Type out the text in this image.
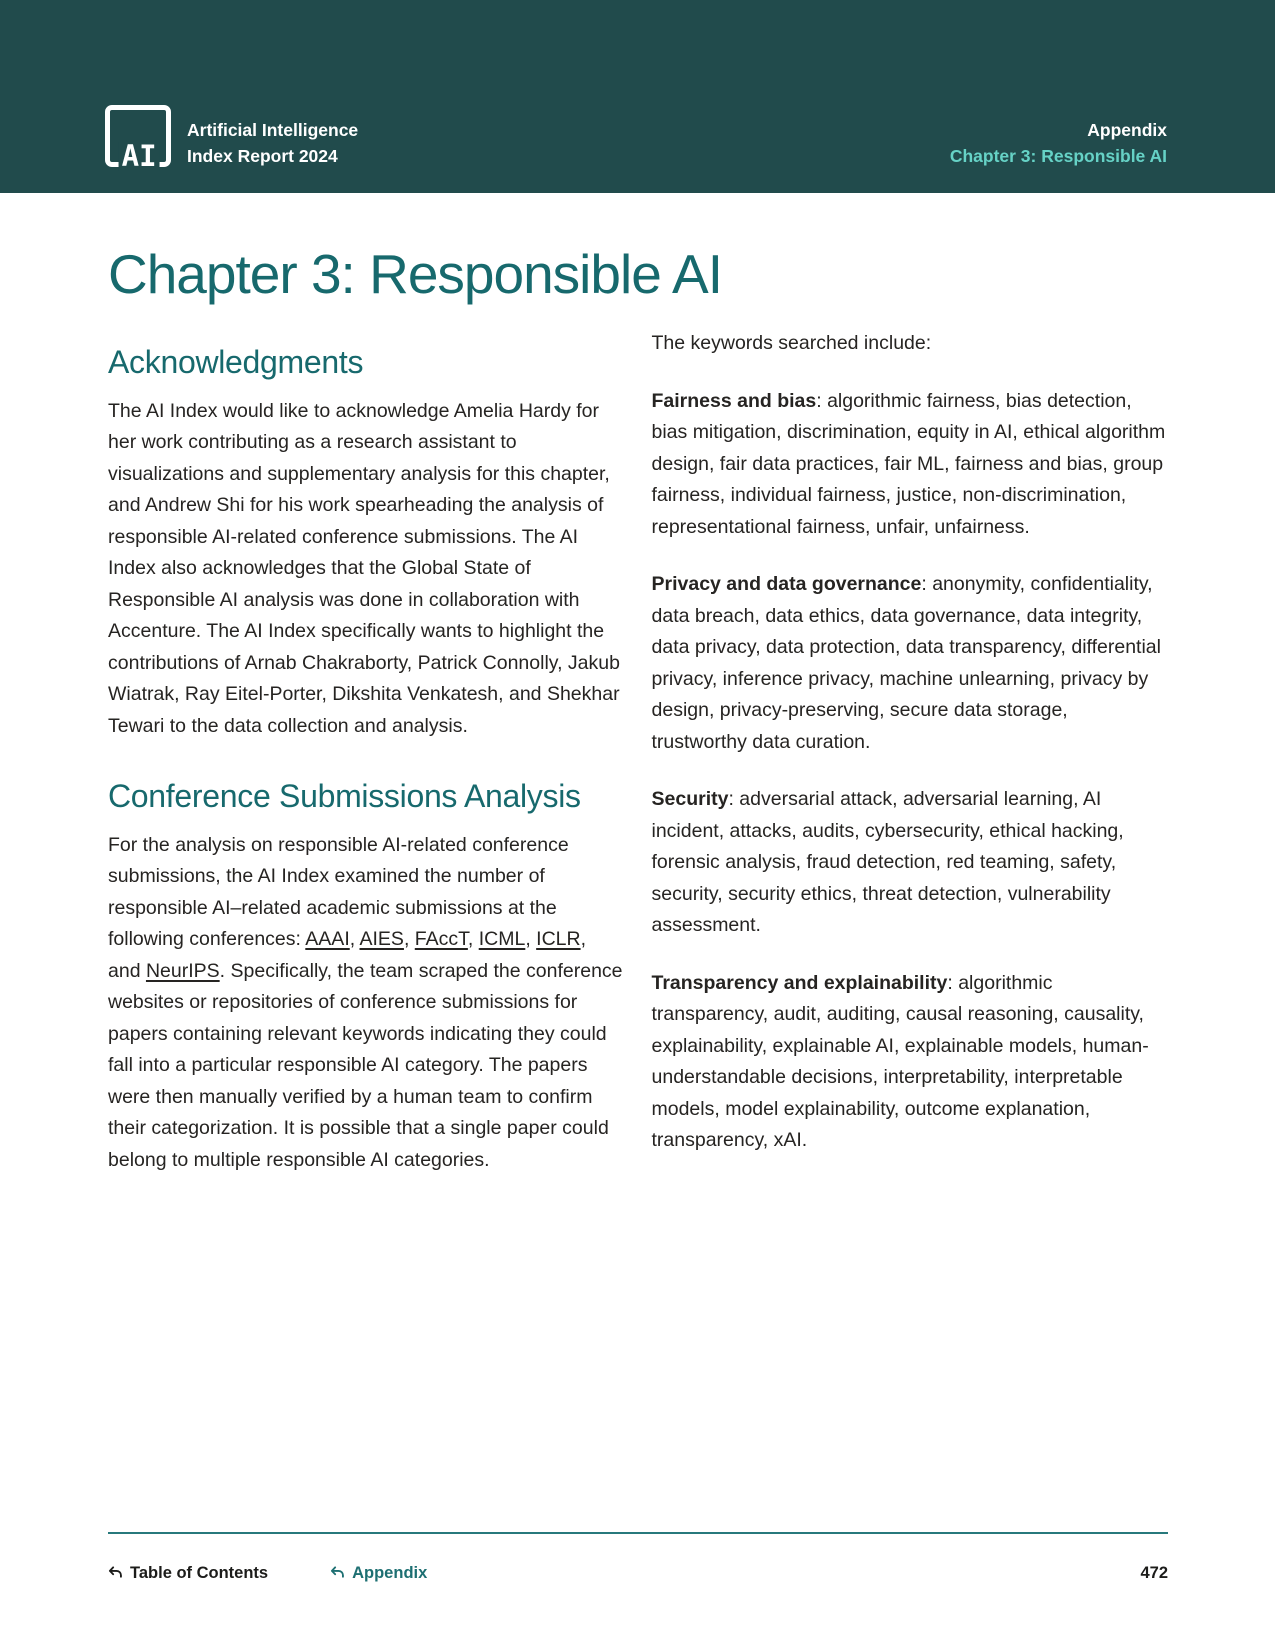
AI
Artificial Intelligence
Index Report 2024
Appendix
Chapter 3: Responsible AI
Chapter 3: Responsible AI
Acknowledgments

The AI Index would like to acknowledge Amelia Hardy for her work contributing as a research assistant to visualizations and supplementary analysis for this chapter, and Andrew Shi for his work spearheading the analysis of responsible AI-related conference submissions. The AI Index also acknowledges that the Global State of Responsible AI analysis was done in collaboration with Accenture. The AI Index specifically wants to highlight the contributions of Arnab Chakraborty, Patrick Connolly, Jakub Wiatrak, Ray Eitel-Porter, Dikshita Venkatesh, and Shekhar Tewari to the data collection and analysis.

Conference Submissions Analysis

For the analysis on responsible AI-related conference submissions, the AI Index examined the number of responsible AI–related academic submissions at the following conferences: AAAI, AIES, FAccT, ICML, ICLR, and NeurIPS. Specifically, the team scraped the conference websites or repositories of conference submissions for papers containing relevant keywords indicating they could fall into a particular responsible AI category. The papers were then manually verified by a human team to confirm their categorization. It is possible that a single paper could belong to multiple responsible AI categories.

The keywords searched include:

Fairness and bias: algorithmic fairness, bias detection, bias mitigation, discrimination, equity in AI, ethical algorithm design, fair data practices, fair ML, fairness and bias, group fairness, individual fairness, justice, non-discrimination, representational fairness, unfair, unfairness.

Privacy and data governance: anonymity, confidentiality, data breach, data ethics, data governance, data integrity, data privacy, data protection, data transparency, differential privacy, inference privacy, machine unlearning, privacy by design, privacy-preserving, secure data storage, trustworthy data curation.

Security: adversarial attack, adversarial learning, AI incident, attacks, audits, cybersecurity, ethical hacking, forensic analysis, fraud detection, red teaming, safety, security, security ethics, threat detection, vulnerability assessment.

Transparency and explainability: algorithmic transparency, audit, auditing, causal reasoning, causality, explainability, explainable AI, explainable models, human-understandable decisions, interpretability, interpretable models, model explainability, outcome explanation, transparency, xAI.

Table of Contents	Appendix	472
